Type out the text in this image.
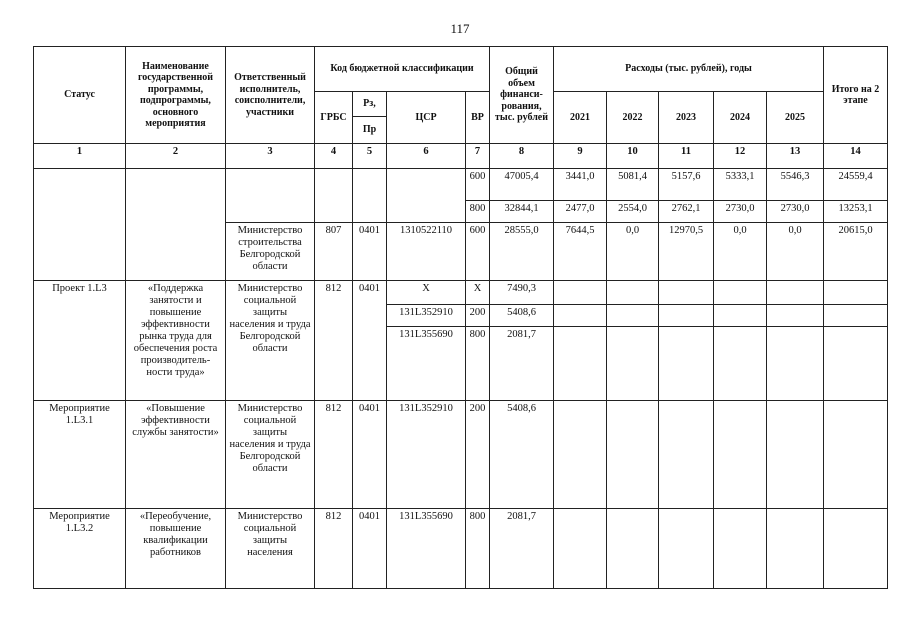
117
Статус	Наименование государственной программы, подпрограммы, основного мероприятия	Ответственный исполнитель, соисполнители, участники	Код бюджетной классификации				Общий объем финанси-рования, тыс. рублей	Расходы (тыс. рублей), годы					Итого на 2 этапе
			ГРБС	Рз,	ЦСР	ВР		2021	2022	2023	2024	2025	
				Пр									
1	2	3	4	5	6	7	8	9	10	11	12	13	14
						600	47005,4	3441,0	5081,4	5157,6	5333,1	5546,3	24559,4
						800	32844,1	2477,0	2554,0	2762,1	2730,0	2730,0	13253,1
		Министерство строительства Белгородской области	807	0401	1310522110	600	28555,0	7644,5	0,0	12970,5	0,0	0,0	20615,0
Проект 1.L3	«Поддержка занятости и повышение эффективности рынка труда для обеспечения роста производитель-ности труда»	Министерство социальной защиты населения и труда Белгородской области	812	0401	X	X	7490,3						
					131L352910	200	5408,6						
					131L355690	800	2081,7						
Мероприятие 1.L3.1	«Повышение эффективности службы занятости»	Министерство социальной защиты населения и труда Белгородской области	812	0401	131L352910	200	5408,6						
Мероприятие 1.L3.2	«Переобучение, повышение квалификации работников	Министерство социальной защиты населения	812	0401	131L355690	800	2081,7						
